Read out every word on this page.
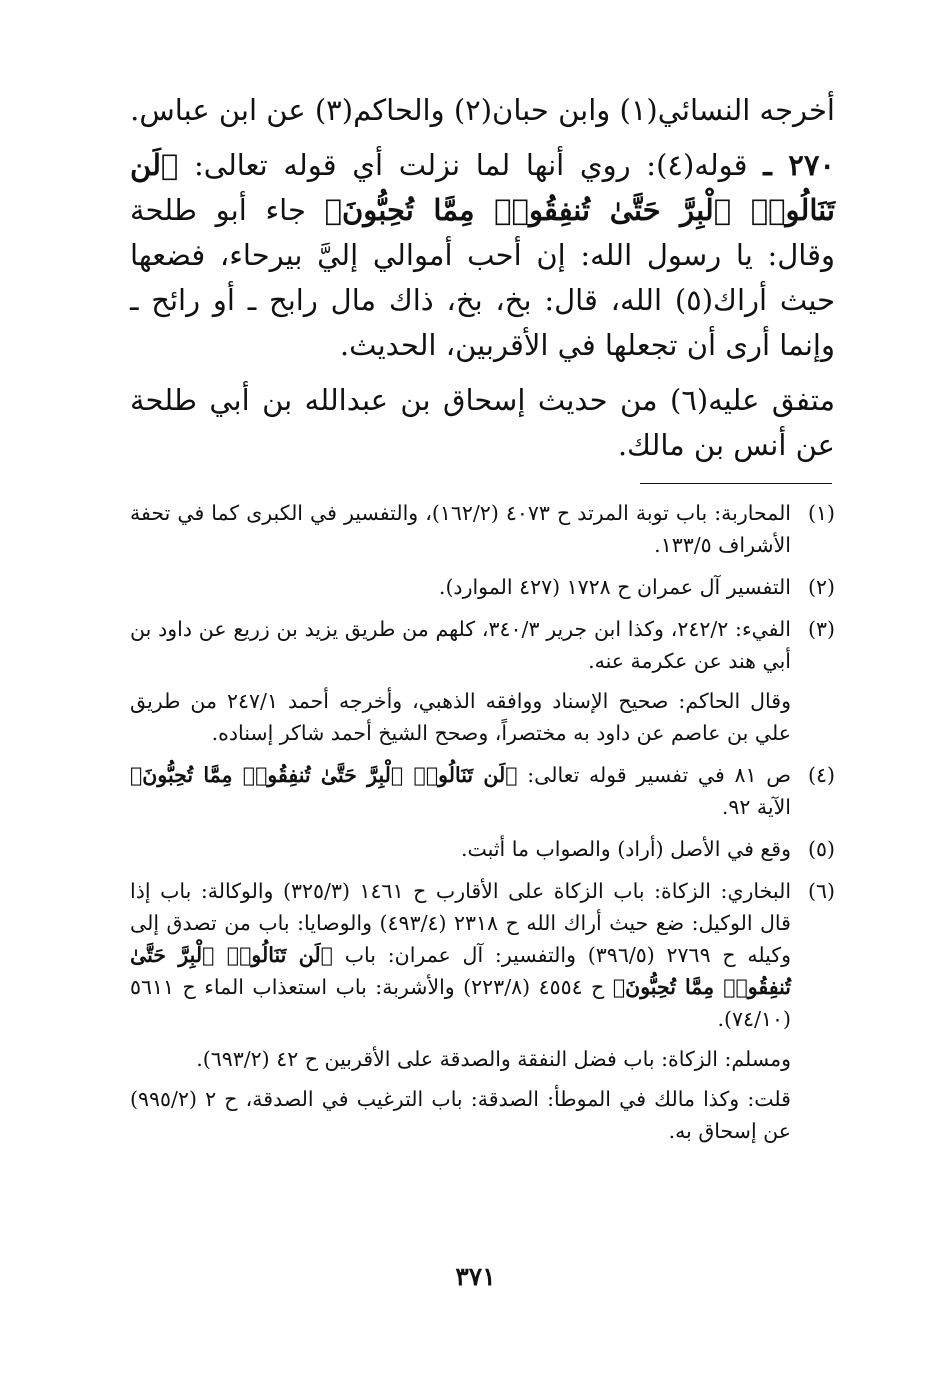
أخرجه النسائي(١) وابن حبان(٢) والحاكم(٣) عن ابن عباس.

٢٧٠ ـ قوله(٤): روي أنها لما نزلت أي قوله تعالى: ﴿لَن تَنَالُوا۟ ٱلْبِرَّ حَتَّىٰ تُنفِقُوا۟ مِمَّا تُحِبُّونَ﴾ جاء أبو طلحة وقال: يا رسول الله: إن أحب أموالي إليَّ بيرحاء، فضعها حيث أراك(٥) الله، قال: بخ، بخ، ذاك مال رابح ـ أو رائح ـ وإنما أرى أن تجعلها في الأقربين، الحديث.

متفق عليه(٦) من حديث إسحاق بن عبدالله بن أبي طلحة عن أنس بن مالك.

(١)

المحاربة: باب توبة المرتد ح ٤٠٧٣ (١٦٢/٢)، والتفسير في الكبرى كما في تحفة الأشراف ١٣٣/٥.

(٢)

التفسير آل عمران ح ١٧٢٨ (٤٢٧ الموارد).

(٣)

الفيء: ٢٤٢/٢، وكذا ابن جرير ٣٤٠/٣، كلهم من طريق يزيد بن زريع عن داود بن أبي هند عن عكرمة عنه.

وقال الحاكم: صحيح الإسناد ووافقه الذهبي، وأخرجه أحمد ٢٤٧/١ من طريق علي بن عاصم عن داود به مختصراً، وصحح الشيخ أحمد شاكر إسناده.

(٤)

ص ٨١ في تفسير قوله تعالى: ﴿لَن تَنَالُوا۟ ٱلْبِرَّ حَتَّىٰ تُنفِقُوا۟ مِمَّا تُحِبُّونَ﴾ الآية ٩٢.

(٥)

وقع في الأصل (أراد) والصواب ما أثبت.

(٦)

البخاري: الزكاة: باب الزكاة على الأقارب ح ١٤٦١ (٣٢٥/٣) والوكالة: باب إذا قال الوكيل: ضع حيث أراك الله ح ٢٣١٨ (٤٩٣/٤) والوصايا: باب من تصدق إلى وكيله ح ٢٧٦٩ (٣٩٦/٥) والتفسير: آل عمران: باب ﴿لَن تَنَالُوا۟ ٱلْبِرَّ حَتَّىٰ تُنفِقُوا۟ مِمَّا تُحِبُّونَ﴾ ح ٤٥٥٤ (٢٢٣/٨) والأشربة: باب استعذاب الماء ح ٥٦١١ (٧٤/١٠).

ومسلم: الزكاة: باب فضل النفقة والصدقة على الأقربين ح ٤٢ (٦٩٣/٢).

قلت: وكذا مالك في الموطأ: الصدقة: باب الترغيب في الصدقة، ح ٢ (٩٩٥/٢) عن إسحاق به.

٣٧١
